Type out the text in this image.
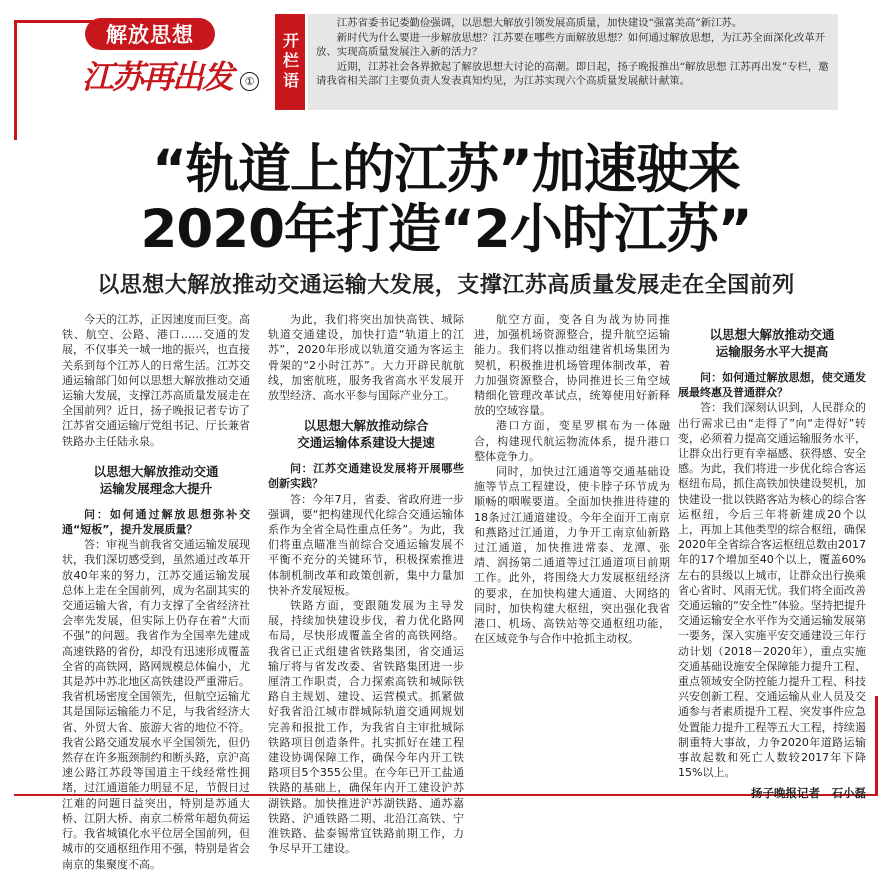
解放思想
江苏再出发	①	开栏语

江苏省委书记娄勤俭强调，以思想大解放引领发展高质量，加快建设“强富美高”新江苏。

新时代为什么要进一步解放思想？江苏要在哪些方面解放思想？如何通过解放思想，为江苏全面深化改革开放、实现高质量发展注入新的活力？

近期，江苏社会各界掀起了解放思想大讨论的高潮。即日起，扬子晚报推出“解放思想 江苏再出发”专栏，邀请我省相关部门主要负责人发表真知灼见，为江苏实现六个高质量发展献计献策。

“轨道上的江苏”加速驶来
2020年打造“2小时江苏”
以思想大解放推动交通运输大发展，支撑江苏高质量发展走在全国前列

今天的江苏，正因速度而巨变。高铁、航空、公路、港口……交通的发展，不仅事关一城一地的振兴，也直接关系到每个江苏人的日常生活。江苏交通运输部门如何以思想大解放推动交通运输大发展，支撑江苏高质量发展走在全国前列？近日，扬子晚报记者专访了江苏省交通运输厅党组书记、厅长兼省铁路办主任陆永泉。

以思想大解放推动交通
运输发展理念大提升

问：如何通过解放思想弥补交通“短板”，提升发展质量？

答：审视当前我省交通运输发展现状，我们深切感受到，虽然通过改革开放40年来的努力，江苏交通运输发展总体上走在全国前列，成为名副其实的交通运输大省，有力支撑了全省经济社会率先发展，但实际上仍存在着“大而不强”的问题。我省作为全国率先建成高速铁路的省份，却没有迅速形成覆盖全省的高铁网，路网规模总体偏小，尤其是苏中苏北地区高铁建设严重滞后。我省机场密度全国领先，但航空运输尤其是国际运输能力不足，与我省经济大省、外贸大省、旅游大省的地位不符。我省公路交通发展水平全国领先，但仍然存在许多瓶颈制约和断头路，京沪高速公路江苏段等国道主干线经常性拥堵，过江通道能力明显不足，节假日过江难的问题日益突出，特别是苏通大桥、江阴大桥、南京二桥常年超负荷运行。我省城镇化水平位居全国前列，但城市的交通枢纽作用不强，特别是省会南京的集聚度不高。

为此，我们将突出加快高铁、城际轨道交通建设，加快打造“轨道上的江苏”，2020年形成以轨道交通为客运主骨架的“2小时江苏”。大力开辟民航航线，加密航班，服务我省高水平发展开放型经济、高水平参与国际产业分工。

以思想大解放推动综合
交通运输体系建设大提速

问：江苏交通建设发展将开展哪些创新实践？

答：今年7月，省委、省政府进一步强调，要“把构建现代化综合交通运输体系作为全省全局性重点任务”。为此，我们将重点瞄准当前综合交通运输发展不平衡不充分的关键环节，积极探索推进体制机制改革和政策创新，集中力量加快补齐发展短板。

铁路方面，变跟随发展为主导发展，持续加快建设步伐，着力优化路网布局，尽快形成覆盖全省的高铁网络。我省已正式组建省铁路集团，省交通运输厅将与省发改委、省铁路集团进一步厘清工作职责，合力探索高铁和城际铁路自主规划、建设、运营模式。抓紧做好我省沿江城市群城际轨道交通网规划完善和报批工作，为我省自主审批城际铁路项目创造条件。扎实抓好在建工程建设协调保障工作，确保今年内开工铁路项目5个355公里。在今年已开工盐通铁路的基础上，确保年内开工建设沪苏湖铁路。加快推进沪苏湖铁路、通苏嘉铁路、沪通铁路二期、北沿江高铁、宁淮铁路、盐泰锡常宜铁路前期工作，力争尽早开工建设。

航空方面，变各自为战为协同推进，加强机场资源整合，提升航空运输能力。我们将以推动组建省机场集团为契机，积极推进机场管理体制改革，着力加强资源整合，协同推进长三角空域精细化管理改革试点，统筹使用好新释放的空域容量。

港口方面，变星罗棋布为一体融合，构建现代航运物流体系，提升港口整体竞争力。

同时，加快过江通道等交通基础设施等节点工程建设，使卡脖子环节成为顺畅的咽喉要道。全面加快推进待建的18条过江通道建设。今年全面开工南京和燕路过江通道，力争开工南京仙新路过江通道，加快推进常泰、龙潭、张靖、润扬第二通道等过江通道项目前期工作。此外，将围绕大力发展枢纽经济的要求，在加快构建大通道、大网络的同时，加快构建大枢纽，突出强化我省港口、机场、高铁站等交通枢纽功能，在区域竞争与合作中抢抓主动权。

以思想大解放推动交通
运输服务水平大提高

问：如何通过解放思想，使交通发展最终惠及普通群众？

答：我们深刻认识到，人民群众的出行需求已由“走得了”向“走得好”转变，必须着力提高交通运输服务水平，让群众出行更有幸福感、获得感、安全感。为此，我们将进一步优化综合客运枢纽布局，抓住高铁加快建设契机，加快建设一批以铁路客站为核心的综合客运枢纽，今后三年将新建成20个以上，再加上其他类型的综合枢纽，确保2020年全省综合客运枢纽总数由2017年的17个增加至40个以上，覆盖60%左右的县级以上城市，让群众出行换乘省心省时、风雨无忧。我们将全面改善交通运输的“安全性”体验。坚持把提升交通运输安全水平作为交通运输发展第一要务，深入实施平安交通建设三年行动计划（2018－2020年），重点实施交通基础设施安全保障能力提升工程、重点领域安全防控能力提升工程、科技兴安创新工程、交通运输从业人员及交通参与者素质提升工程、突发事件应急处置能力提升工程等五大工程，持续遏制重特大事故，力争2020年道路运输事故起数和死亡人数较2017年下降15%以上。

扬子晚报记者　石小磊
